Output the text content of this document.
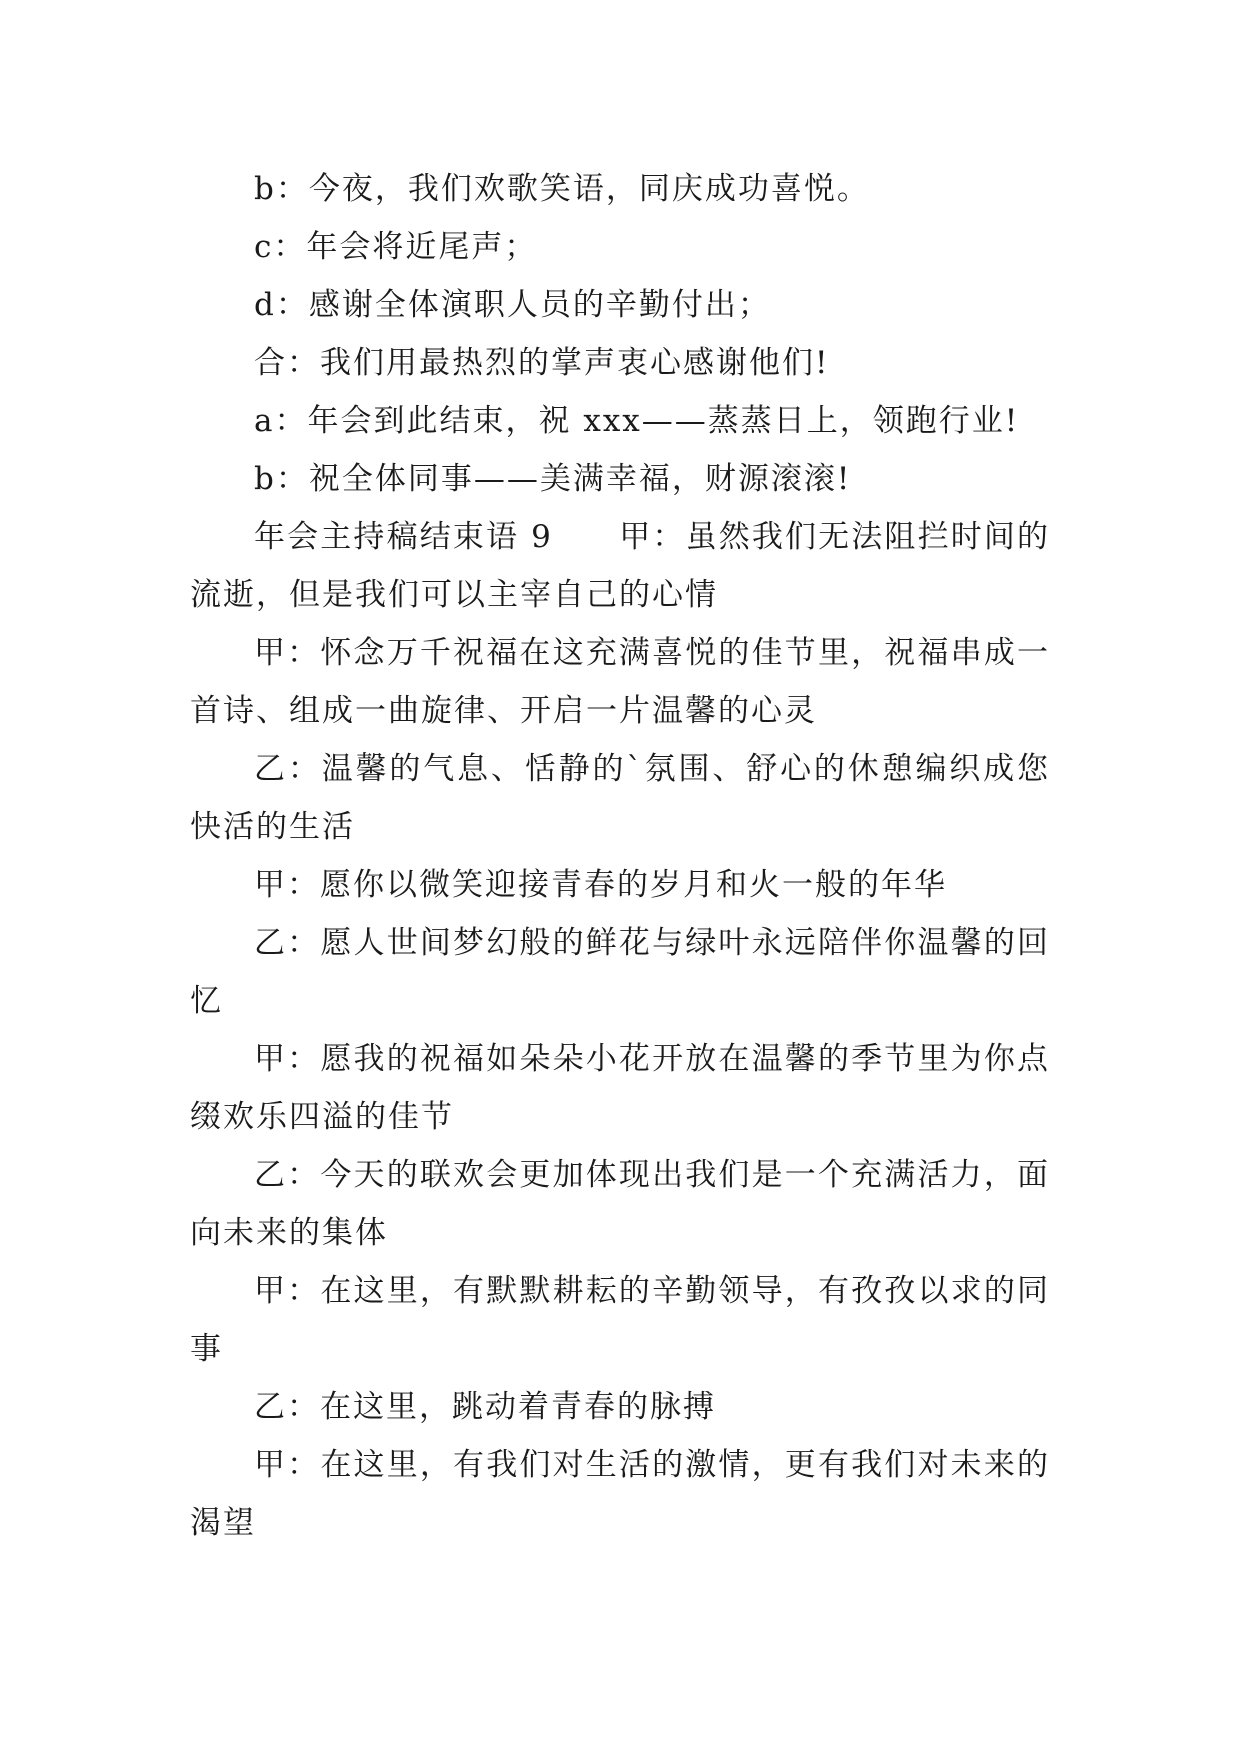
b：今夜，我们欢歌笑语，同庆成功喜悦。

c：年会将近尾声；

d：感谢全体演职人员的辛勤付出；

合：我们用最热烈的掌声衷心感谢他们!

a：年会到此结束，祝 xxx——蒸蒸日上，领跑行业!

b：祝全体同事——美满幸福，财源滚滚!

年会主持稿结束语 9　　甲：虽然我们无法阻拦时间的流逝，但是我们可以主宰自己的心情

甲：怀念万千祝福在这充满喜悦的佳节里，祝福串成一首诗、组成一曲旋律、开启一片温馨的心灵

乙：温馨的气息、恬静的`氛围、舒心的休憩编织成您快活的生活

甲：愿你以微笑迎接青春的岁月和火一般的年华

乙：愿人世间梦幻般的鲜花与绿叶永远陪伴你温馨的回忆

甲：愿我的祝福如朵朵小花开放在温馨的季节里为你点缀欢乐四溢的佳节

乙：今天的联欢会更加体现出我们是一个充满活力，面向未来的集体

甲：在这里，有默默耕耘的辛勤领导，有孜孜以求的同事

乙：在这里，跳动着青春的脉搏

甲：在这里，有我们对生活的激情，更有我们对未来的渴望
